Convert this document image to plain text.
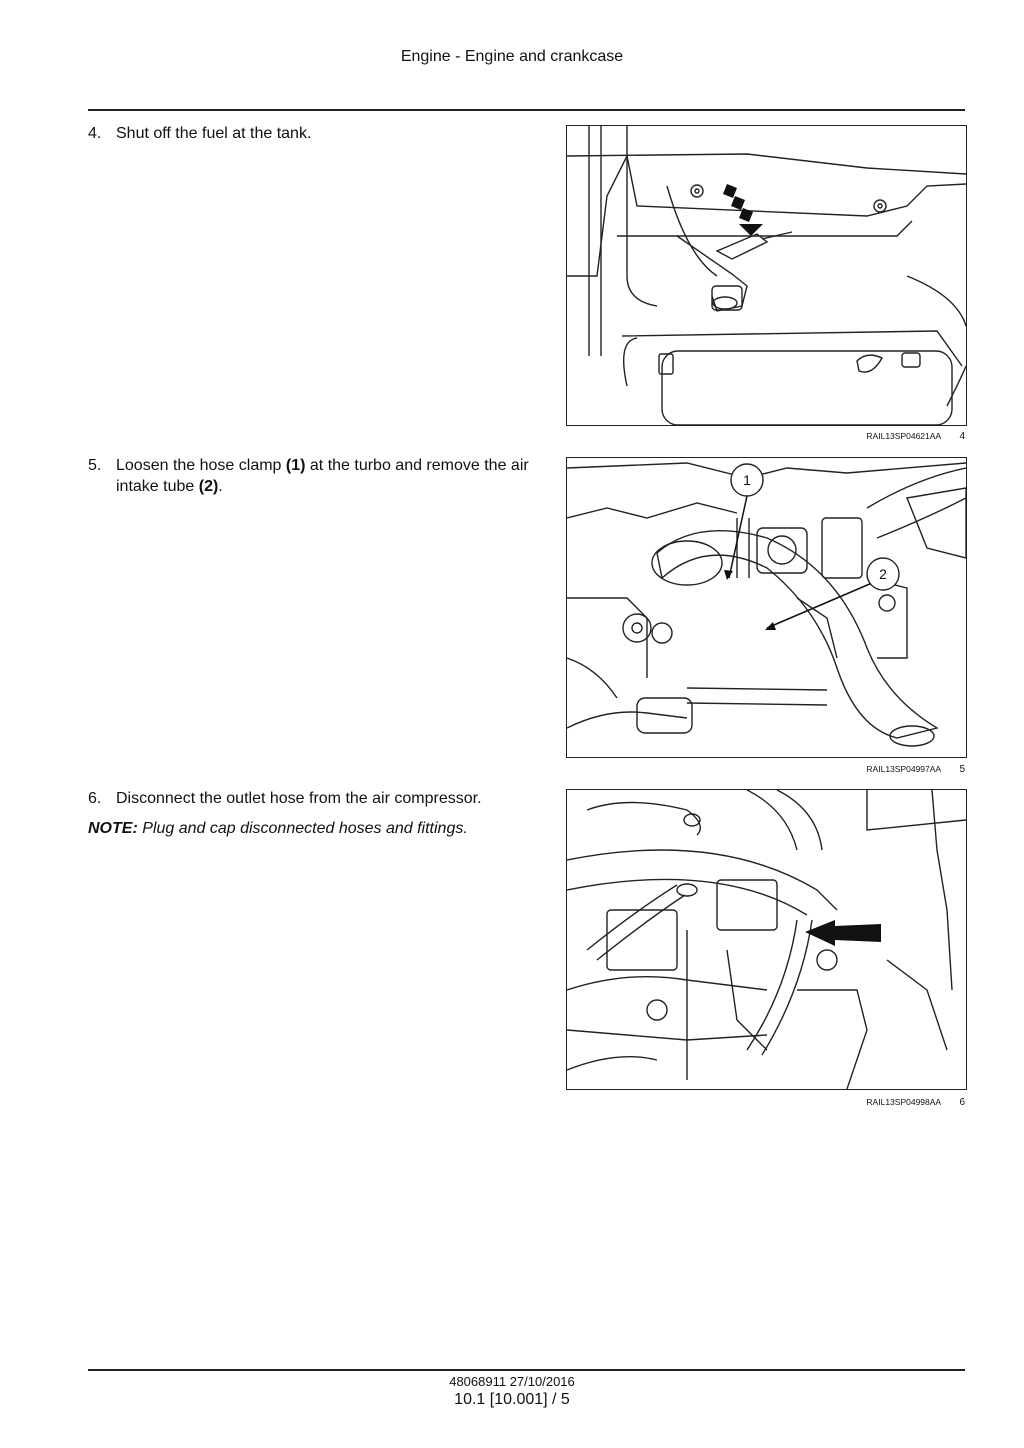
Engine - Engine and crankcase
4. Shut off the fuel at the tank.
RAIL13SP04621AA 4
5. Loosen the hose clamp (1) at the turbo and remove the air intake tube (2).	1
2
RAIL13SP04997AA 5
6. Disconnect the outlet hose from the air compressor.
NOTE: Plug and cap disconnected hoses and fittings.
RAIL13SP04998AA 6
48068911 27/10/2016
10.1 [10.001] / 5
